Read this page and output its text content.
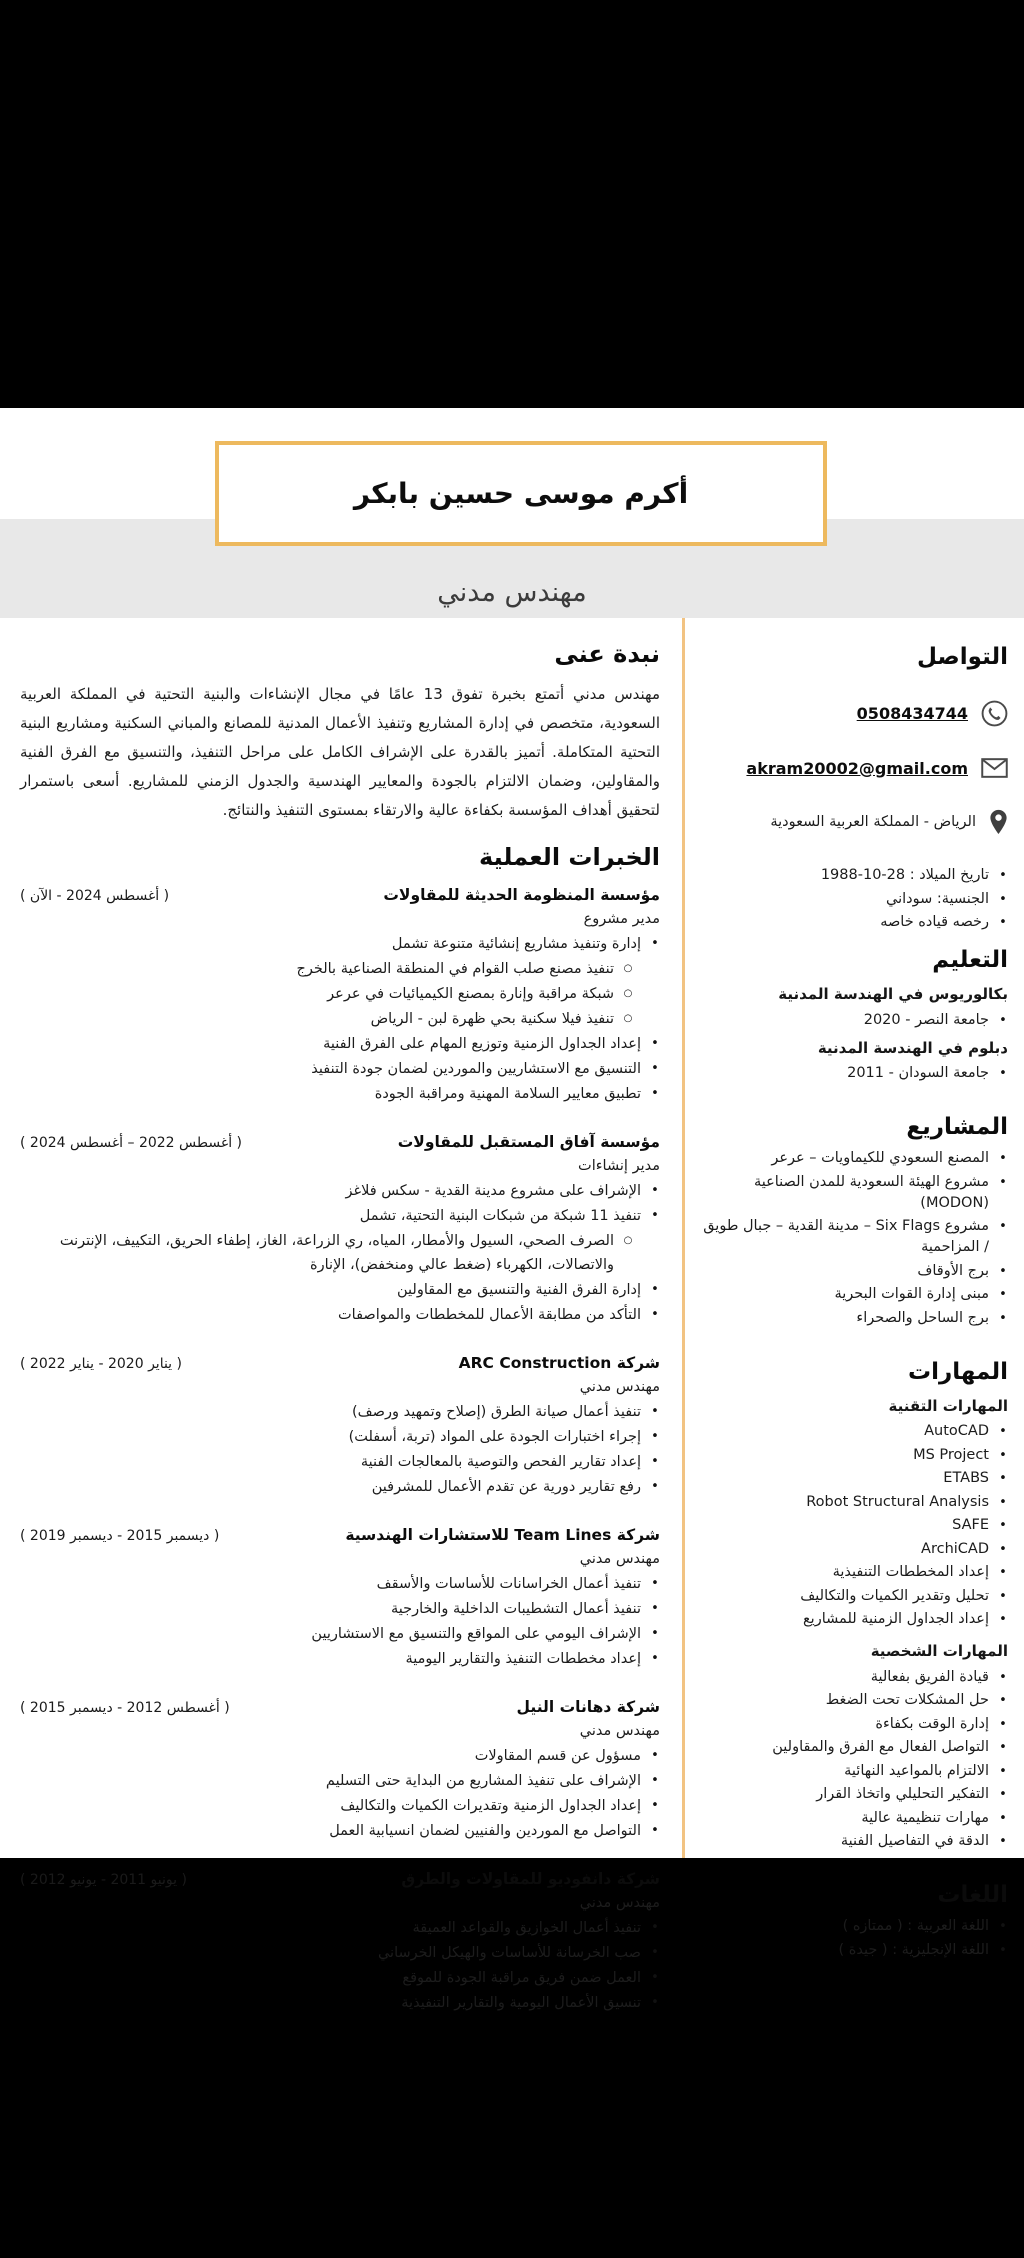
مهندس مدني
أكرم موسى حسين بابكر
التواصل
0508434744
akram20002@gmail.com
الرياض - المملكة العربية السعودية
•
تاريخ الميلاد : 28-10-1988
•
الجنسية: سوداني
•
رخصه قياده خاصه
التعليم
بكالوريوس في الهندسة المدنية
•
جامعة النصر - 2020
دبلوم في الهندسة المدنية
•
جامعة السودان - 2011
المشاريع
•
المصنع السعودي للكيماويات – عرعر
•
مشروع الهيئة السعودية للمدن الصناعية (MODON)
•
مشروع Six Flags – مدينة القدية – جبال طويق / المزاحمية
•
برج الأوقاف
•
مبنى إدارة القوات البحرية
•
برج الساحل والصحراء
المهارات
المهارات التقنية
•
AutoCAD
•
MS Project
•
ETABS
•
Robot Structural Analysis
•
SAFE
•
ArchiCAD
•
إعداد المخططات التنفيذية
•
تحليل وتقدير الكميات والتكاليف
•
إعداد الجداول الزمنية للمشاريع
المهارات الشخصية
•
قيادة الفريق بفعالية
•
حل المشكلات تحت الضغط
•
إدارة الوقت بكفاءة
•
التواصل الفعال مع الفرق والمقاولين
•
الالتزام بالمواعيد النهائية
•
التفكير التحليلي واتخاذ القرار
•
مهارات تنظيمية عالية
•
الدقة في التفاصيل الفنية
اللغات
•
اللغة العربية : ( ممتازه )
•
اللغة الإنجليزية : ( جيدة )
نبدة عنى

مهندس مدني أتمتع بخبرة تفوق 13 عامًا في مجال الإنشاءات والبنية التحتية في المملكة العربية السعودية، متخصص في إدارة المشاريع وتنفيذ الأعمال المدنية للمصانع والمباني السكنية ومشاريع البنية التحتية المتكاملة. أتميز بالقدرة على الإشراف الكامل على مراحل التنفيذ، والتنسيق مع الفرق الفنية والمقاولين، وضمان الالتزام بالجودة والمعايير الهندسية والجدول الزمني للمشاريع. أسعى باستمرار لتحقيق أهداف المؤسسة بكفاءة عالية والارتقاء بمستوى التنفيذ والنتائج.

الخبرات العملية
مؤسسة المنظومة الحديثة للمقاولات
( أغسطس 2024 - الآن )
مدير مشروع
•
إدارة وتنفيذ مشاريع إنشائية متنوعة تشمل
○
تنفيذ مصنع صلب القوام في المنطقة الصناعية بالخرج
○
شبكة مراقبة وإنارة بمصنع الكيميائيات في عرعر
○
تنفيذ فيلا سكنية بحي ظهرة لبن - الرياض
•
إعداد الجداول الزمنية وتوزيع المهام على الفرق الفنية
•
التنسيق مع الاستشاريين والموردين لضمان جودة التنفيذ
•
تطبيق معايير السلامة المهنية ومراقبة الجودة
مؤسسة آفاق المستقبل للمقاولات
( أغسطس 2022 – أغسطس 2024 )
مدير إنشاءات
•
الإشراف على مشروع مدينة القدية - سكس فلاغز
•
تنفيذ 11 شبكة من شبكات البنية التحتية، تشمل
○
الصرف الصحي، السيول والأمطار، المياه، ري الزراعة، الغاز، إطفاء الحريق، التكييف، الإنترنت والاتصالات، الكهرباء (ضغط عالي ومنخفض)، الإنارة
•
إدارة الفرق الفنية والتنسيق مع المقاولين
•
التأكد من مطابقة الأعمال للمخططات والمواصفات
شركة ARC Construction
( يناير 2020 - يناير 2022 )
مهندس مدني
•
تنفيذ أعمال صيانة الطرق (إصلاح وتمهيد ورصف)
•
إجراء اختبارات الجودة على المواد (تربة، أسفلت)
•
إعداد تقارير الفحص والتوصية بالمعالجات الفنية
•
رفع تقارير دورية عن تقدم الأعمال للمشرفين
شركة Team Lines للاستشارات الهندسية
( ديسمبر 2015 - ديسمبر 2019 )
مهندس مدني
•
تنفيذ أعمال الخراسانات للأساسات والأسقف
•
تنفيذ أعمال التشطيبات الداخلية والخارجية
•
الإشراف اليومي على المواقع والتنسيق مع الاستشاريين
•
إعداد مخططات التنفيذ والتقارير اليومية
شركة دهانات النيل
( أغسطس 2012 - ديسمبر 2015 )
مهندس مدني
•
مسؤول عن قسم المقاولات
•
الإشراف على تنفيذ المشاريع من البداية حتى التسليم
•
إعداد الجداول الزمنية وتقديرات الكميات والتكاليف
•
التواصل مع الموردين والفنيين لضمان انسيابية العمل
شركة دانفوديو للمقاولات والطرق
( يونيو 2011 - يونيو 2012 )
مهندس مدني
•
تنفيذ أعمال الخوازيق والقواعد العميقة
•
صب الخرسانة للأساسات والهيكل الخرساني
•
العمل ضمن فريق مراقبة الجودة للموقع
•
تنسيق الأعمال اليومية والتقارير التنفيذية
